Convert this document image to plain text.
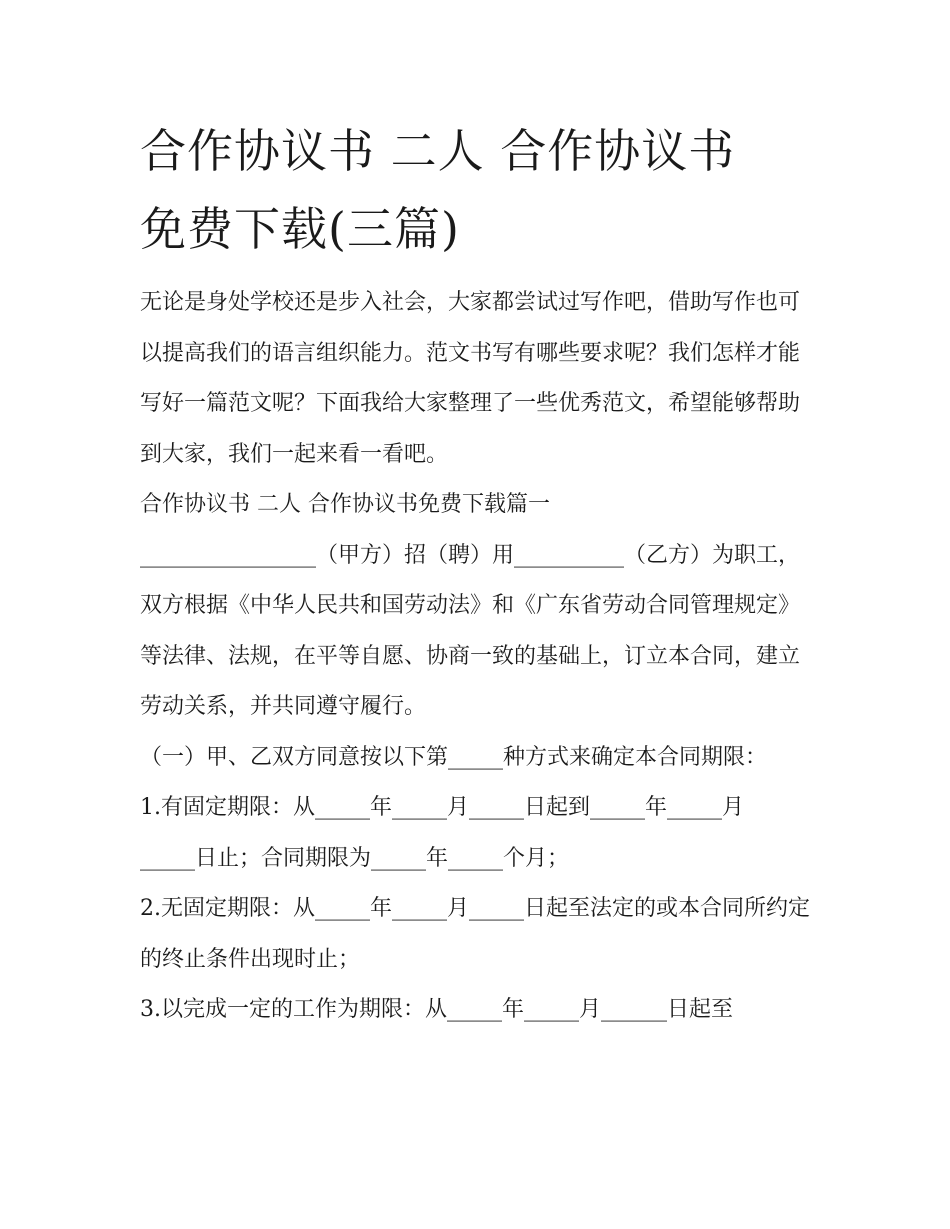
合作协议书 二人 合作协议书
免费下载(三篇)

无论是身处学校还是步入社会，大家都尝试过写作吧，借助写作也可以提高我们的语言组织能力。范文书写有哪些要求呢？我们怎样才能写好一篇范文呢？下面我给大家整理了一些优秀范文，希望能够帮助到大家，我们一起来看一看吧。

合作协议书 二人 合作协议书免费下载篇一

________________（甲方）招（聘）用__________（乙方）为职工，双方根据《中华人民共和国劳动法》和《广东省劳动合同管理规定》等法律、法规，在平等自愿、协商一致的基础上，订立本合同，建立劳动关系，并共同遵守履行。

（一）甲、乙双方同意按以下第_____种方式来确定本合同期限：

1.有固定期限：从_____年_____月_____日起到_____年_____月

_____日止；合同期限为_____年_____个月；

2.无固定期限：从_____年_____月_____日起至法定的或本合同所约定的终止条件出现时止；

3.以完成一定的工作为期限：从_____年_____月______日起至
